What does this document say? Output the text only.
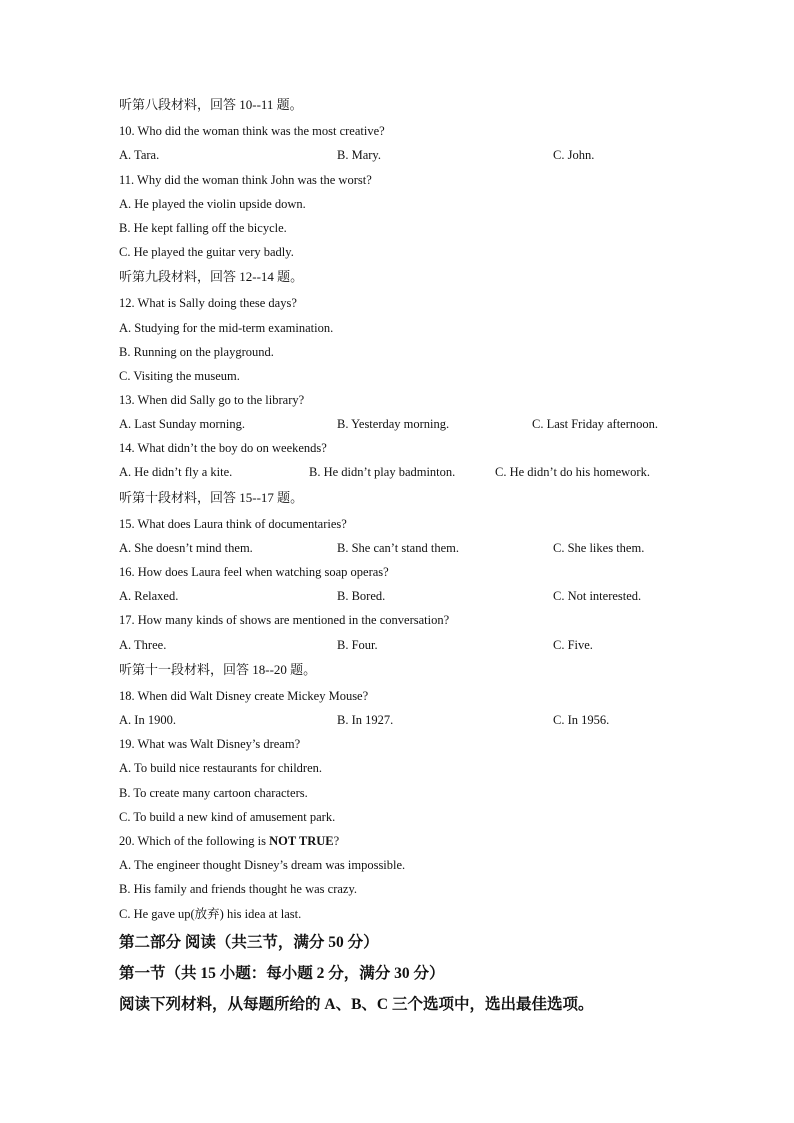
听第八段材料，回答 10--11 题。
10. Who did the woman think was the most creative?
A. Tara.	B. Mary.	C. John.
11. Why did the woman think John was the worst?
A. He played the violin upside down.
B. He kept falling off the bicycle.
C. He played the guitar very badly.
听第九段材料，回答 12--14 题。
12. What is Sally doing these days?
A. Studying for the mid-term examination.
B. Running on the playground.
C. Visiting the museum.
13. When did Sally go to the library?
A. Last Sunday morning.	B. Yesterday morning.	C. Last Friday afternoon.
14. What didn’t the boy do on weekends?
A. He didn’t fly a kite.	B. He didn’t play badminton.	C. He didn’t do his homework.
听第十段材料，回答 15--17 题。
15. What does Laura think of documentaries?
A. She doesn’t mind them.	B. She can’t stand them.	C. She likes them.
16. How does Laura feel when watching soap operas?
A. Relaxed.	B. Bored.	C. Not interested.
17. How many kinds of shows are mentioned in the conversation?
A. Three.	B. Four.	C. Five.
听第十一段材料，回答 18--20 题。
18. When did Walt Disney create Mickey Mouse?
A. In 1900.	B. In 1927.	C. In 1956.
19. What was Walt Disney’s dream?
A. To build nice restaurants for children.
B. To create many cartoon characters.
C. To build a new kind of amusement park.
20. Which of the following is NOT TRUE?
A. The engineer thought Disney’s dream was impossible.
B. His family and friends thought he was crazy.
C. He gave up(放弃) his idea at last.
第二部分 阅读（共三节，满分 50 分）
第一节（共 15 小题：每小题 2 分，满分 30 分）
阅读下列材料，从每题所给的 A、B、C 三个选项中，选出最佳选项。
